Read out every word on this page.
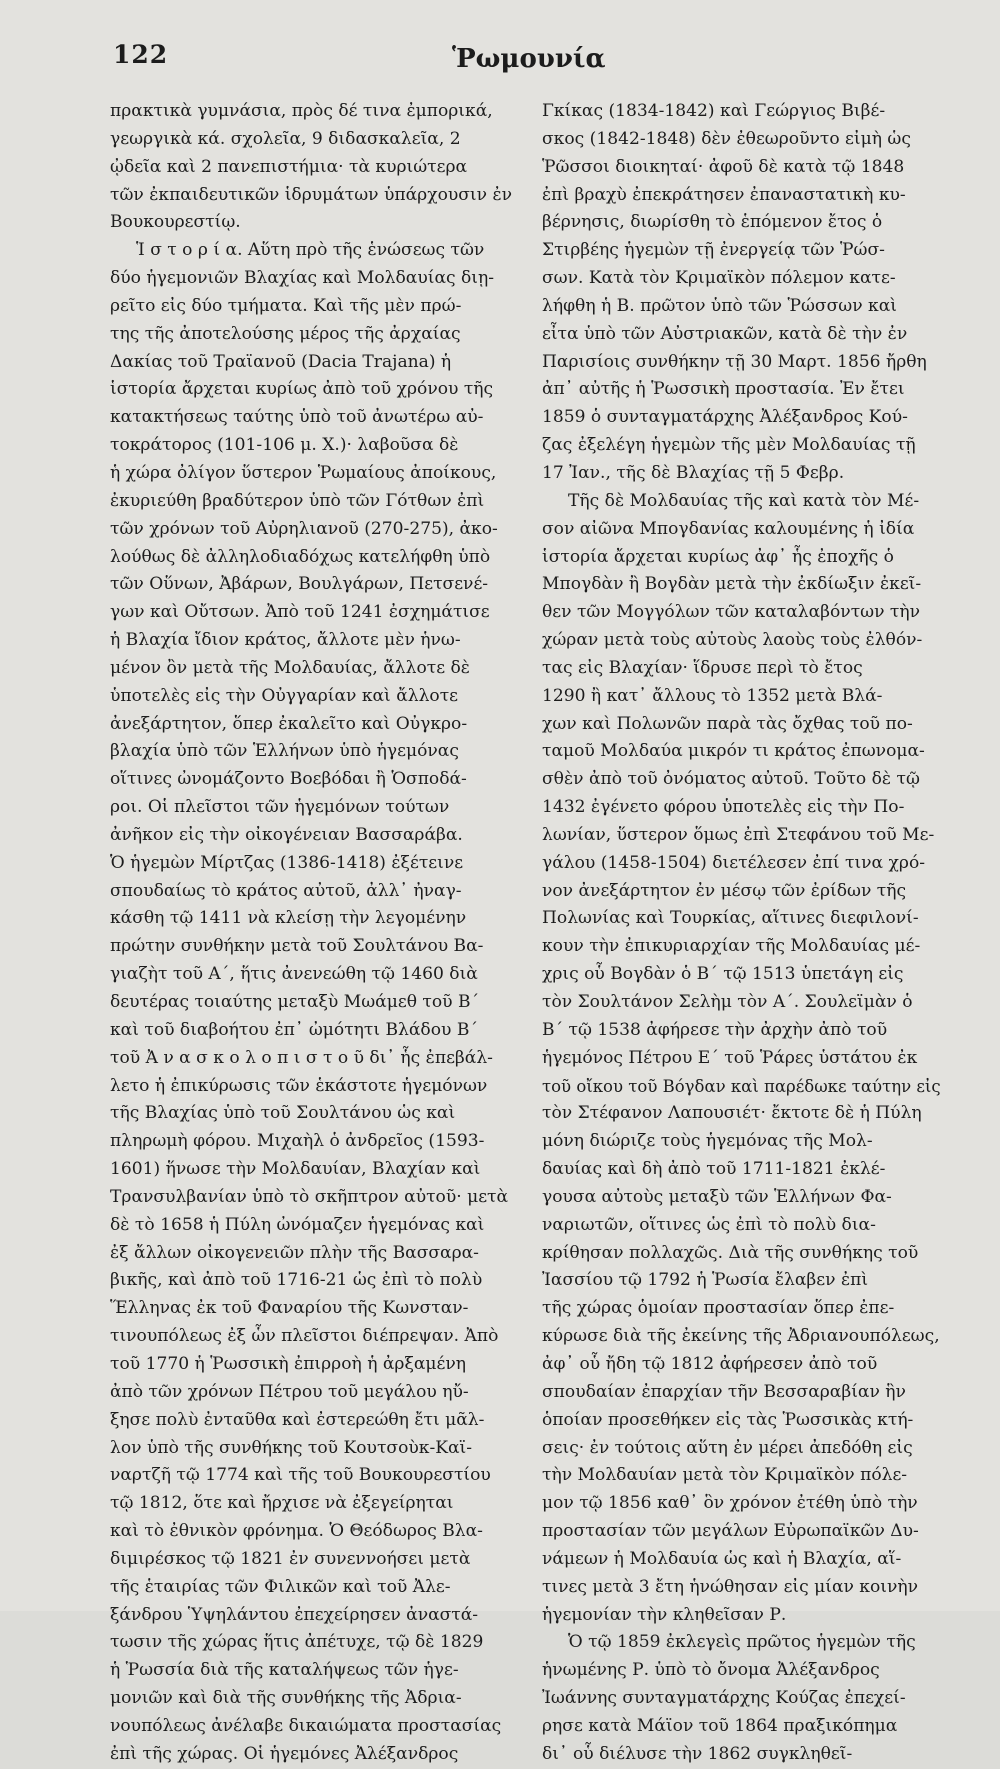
122	Ῥωμουνία
πρακτικὰ γυμνάσια, πρὸς δέ τινα ἐμπορικά,
γεωργικὰ κά. σχολεῖα, 9 διδασκαλεῖα, 2
ᾠδεῖα καὶ 2 πανεπιστήμια· τὰ κυριώτερα
τῶν ἐκπαιδευτικῶν ἱδρυμάτων ὑπάρχουσιν ἐν
Βουκουρεστίῳ.
Ἱ σ τ ο ρ ί α. Αὕτη πρὸ τῆς ἑνώσεως τῶν
δύο ἡγεμονιῶν Βλαχίας καὶ Μολδαυίας διῃ-
ρεῖτο εἰς δύο τμήματα. Καὶ τῆς μὲν πρώ-
της τῆς ἀποτελούσης μέρος τῆς ἀρχαίας
Δακίας τοῦ Τραϊανοῦ (Dacia Trajana) ἡ
ἱστορία ἄρχεται κυρίως ἀπὸ τοῦ χρόνου τῆς
κατακτήσεως ταύτης ὑπὸ τοῦ ἀνωτέρω αὐ-
τοκράτορος (101-106 μ. Χ.)· λαβοῦσα δὲ
ἡ χώρα ὀλίγον ὕστερον Ῥωμαίους ἀποίκους,
ἐκυριεύθη βραδύτερον ὑπὸ τῶν Γότθων ἐπὶ
τῶν χρόνων τοῦ Αὐρηλιανοῦ (270-275), ἀκο-
λούθως δὲ ἀλληλοδιαδόχως κατελήφθη ὑπὸ
τῶν Οὕνων, Ἀβάρων, Βουλγάρων, Πετσενέ-
γων καὶ Οὔτσων. Ἀπὸ τοῦ 1241 ἐσχημάτισε
ἡ Βλαχία ἴδιον κράτος, ἄλλοτε μὲν ἡνω-
μένον ὂν μετὰ τῆς Μολδαυίας, ἄλλοτε δὲ
ὑποτελὲς εἰς τὴν Οὐγγαρίαν καὶ ἄλλοτε
ἀνεξάρτητον, ὅπερ ἐκαλεῖτο καὶ Οὐγκρο-
βλαχία ὑπὸ τῶν Ἑλλήνων ὑπὸ ἡγεμόνας
οἵτινες ὠνομάζοντο Βοεβόδαι ἢ Ὁσποδά-
ροι. Οἱ πλεῖστοι τῶν ἡγεμόνων τούτων
ἀνῆκον εἰς τὴν οἰκογένειαν Βασσαράβα.
Ὁ ἡγεμὼν Μίρτζας (1386-1418) ἐξέτεινε
σπουδαίως τὸ κράτος αὐτοῦ, ἀλλ᾽ ἠναγ-
κάσθη τῷ 1411 νὰ κλείσῃ τὴν λεγομένην
πρώτην συνθήκην μετὰ τοῦ Σουλτάνου Βα-
γιαζὴτ τοῦ Α΄, ἥτις ἀνενεώθη τῷ 1460 διὰ
δευτέρας τοιαύτης μεταξὺ Μωάμεθ τοῦ Β΄
καὶ τοῦ διαβοήτου ἐπ᾽ ὠμότητι Βλάδου Β΄
τοῦ Ἀ ν α σ κ ο λ ο π ι σ τ ο ῦ δι᾽ ἧς ἐπεβάλ-
λετο ἡ ἐπικύρωσις τῶν ἑκάστοτε ἡγεμόνων
τῆς Βλαχίας ὑπὸ τοῦ Σουλτάνου ὡς καὶ
πληρωμὴ φόρου. Μιχαὴλ ὁ ἀνδρεῖος (1593-
1601) ἥνωσε τὴν Μολδαυίαν, Βλαχίαν καὶ
Τρανσυλβανίαν ὑπὸ τὸ σκῆπτρον αὐτοῦ· μετὰ
δὲ τὸ 1658 ἡ Πύλη ὠνόμαζεν ἡγεμόνας καὶ
ἐξ ἄλλων οἰκογενειῶν πλὴν τῆς Βασσαρα-
βικῆς, καὶ ἀπὸ τοῦ 1716-21 ὡς ἐπὶ τὸ πολὺ
Ἕλληνας ἐκ τοῦ Φαναρίου τῆς Κωνσταν-
τινουπόλεως ἐξ ὧν πλεῖστοι διέπρεψαν. Ἀπὸ
τοῦ 1770 ἡ Ῥωσσικὴ ἐπιρροὴ ἡ ἀρξαμένη
ἀπὸ τῶν χρόνων Πέτρου τοῦ μεγάλου ηὔ-
ξησε πολὺ ἐνταῦθα καὶ ἐστερεώθη ἔτι μᾶλ-
λον ὑπὸ τῆς συνθήκης τοῦ Κουτσοὺκ-Καϊ-
ναρτζῆ τῷ 1774 καὶ τῆς τοῦ Βουκουρεστίου
τῷ 1812, ὅτε καὶ ἤρχισε νὰ ἐξεγείρηται
καὶ τὸ ἐθνικὸν φρόνημα. Ὁ Θεόδωρος Βλα-
διμιρέσκος τῷ 1821 ἐν συνεννοήσει μετὰ
τῆς ἑταιρίας τῶν Φιλικῶν καὶ τοῦ Ἀλε-
ξάνδρου Ὑψηλάντου ἐπεχείρησεν ἀναστά-
τωσιν τῆς χώρας ἥτις ἀπέτυχε, τῷ δὲ 1829
ἡ Ῥωσσία διὰ τῆς καταλήψεως τῶν ἡγε-
μονιῶν καὶ διὰ τῆς συνθήκης τῆς Ἀδρια-
νουπόλεως ἀνέλαβε δικαιώματα προστασίας
ἐπὶ τῆς χώρας. Οἱ ἡγεμόνες Ἀλέξανδρος
Γκίκας (1834-1842) καὶ Γεώργιος Βιβέ-
σκος (1842-1848) δὲν ἐθεωροῦντο εἰμὴ ὡς
Ῥῶσσοι διοικηταί· ἀφοῦ δὲ κατὰ τῷ 1848
ἐπὶ βραχὺ ἐπεκράτησεν ἐπαναστατικὴ κυ-
βέρνησις, διωρίσθη τὸ ἑπόμενον ἔτος ὁ
Στιρβέης ἡγεμὼν τῇ ἐνεργείᾳ τῶν Ῥώσ-
σων. Κατὰ τὸν Κριμαϊκὸν πόλεμον κατε-
λήφθη ἡ Β. πρῶτον ὑπὸ τῶν Ῥώσσων καὶ
εἶτα ὑπὸ τῶν Αὐστριακῶν, κατὰ δὲ τὴν ἐν
Παρισίοις συνθήκην τῇ 30 Μαρτ. 1856 ἤρθη
ἀπ᾽ αὐτῆς ἡ Ῥωσσικὴ προστασία. Ἐν ἔτει
1859 ὁ συνταγματάρχης Ἀλέξανδρος Κού-
ζας ἐξελέγη ἡγεμὼν τῆς μὲν Μολδαυίας τῇ
17 Ἰαν., τῆς δὲ Βλαχίας τῇ 5 Φεβρ.
Τῆς δὲ Μολδαυίας τῆς καὶ κατὰ τὸν Μέ-
σον αἰῶνα Μπογδανίας καλουμένης ἡ ἰδία
ἱστορία ἄρχεται κυρίως ἀφ᾽ ἧς ἐποχῆς ὁ
Μπογδὰν ἢ Βογδὰν μετὰ τὴν ἐκδίωξιν ἐκεῖ-
θεν τῶν Μογγόλων τῶν καταλαβόντων τὴν
χώραν μετὰ τοὺς αὐτοὺς λαοὺς τοὺς ἐλθόν-
τας εἰς Βλαχίαν· ἵδρυσε περὶ τὸ ἔτος
1290 ἢ κατ᾽ ἄλλους τὸ 1352 μετὰ Βλά-
χων καὶ Πολωνῶν παρὰ τὰς ὄχθας τοῦ πο-
ταμοῦ Μολδαύα μικρόν τι κράτος ἐπωνομα-
σθὲν ἀπὸ τοῦ ὀνόματος αὐτοῦ. Τοῦτο δὲ τῷ
1432 ἐγένετο φόρου ὑποτελὲς εἰς τὴν Πο-
λωνίαν, ὕστερον ὅμως ἐπὶ Στεφάνου τοῦ Με-
γάλου (1458-1504) διετέλεσεν ἐπί τινα χρό-
νον ἀνεξάρτητον ἐν μέσῳ τῶν ἐρίδων τῆς
Πολωνίας καὶ Τουρκίας, αἵτινες διεφιλονί-
κουν τὴν ἐπικυριαρχίαν τῆς Μολδαυίας μέ-
χρις οὗ Βογδὰν ὁ Β΄ τῷ 1513 ὑπετάγη εἰς
τὸν Σουλτάνον Σελὴμ τὸν Α΄. Σουλεϊμὰν ὁ
Β΄ τῷ 1538 ἀφήρεσε τὴν ἀρχὴν ἀπὸ τοῦ
ἡγεμόνος Πέτρου Ε΄ τοῦ Ῥάρες ὑστάτου ἐκ
τοῦ οἴκου τοῦ Βόγδαν καὶ παρέδωκε ταύτην εἰς
τὸν Στέφανον Λαπουσιέτ· ἔκτοτε δὲ ἡ Πύλη
μόνη διώριζε τοὺς ἡγεμόνας τῆς Μολ-
δαυίας καὶ δὴ ἀπὸ τοῦ 1711-1821 ἐκλέ-
γουσα αὐτοὺς μεταξὺ τῶν Ἑλλήνων Φα-
ναριωτῶν, οἵτινες ὡς ἐπὶ τὸ πολὺ δια-
κρίθησαν πολλαχῶς. Διὰ τῆς συνθήκης τοῦ
Ἰασσίου τῷ 1792 ἡ Ῥωσία ἔλαβεν ἐπὶ
τῆς χώρας ὁμοίαν προστασίαν ὅπερ ἐπε-
κύρωσε διὰ τῆς ἐκείνης τῆς Ἀδριανουπόλεως,
ἀφ᾽ οὗ ἤδη τῷ 1812 ἀφήρεσεν ἀπὸ τοῦ
σπουδαίαν ἐπαρχίαν τῆν Βεσσαραβίαν ἣν
ὁποίαν προσεθήκεν εἰς τὰς Ῥωσσικὰς κτή-
σεις· ἐν τούτοις αὕτη ἐν μέρει ἀπεδόθη εἰς
τὴν Μολδαυίαν μετὰ τὸν Κριμαϊκὸν πόλε-
μον τῷ 1856 καθ᾽ ὃν χρόνον ἐτέθη ὑπὸ τὴν
προστασίαν τῶν μεγάλων Εὐρωπαϊκῶν Δυ-
νάμεων ἡ Μολδαυία ὡς καὶ ἡ Βλαχία, αἵ-
τινες μετὰ 3 ἔτη ἡνώθησαν εἰς μίαν κοινὴν
ἡγεμονίαν τὴν κληθεῖσαν Ρ.
Ὁ τῷ 1859 ἐκλεγεὶς πρῶτος ἡγεμὼν τῆς
ἡνωμένης Ρ. ὑπὸ τὸ ὄνομα Ἀλέξανδρος
Ἰωάννης συνταγματάρχης Κούζας ἐπεχεί-
ρησε κατὰ Μάϊον τοῦ 1864 πραξικόπημα
δι᾽ οὗ διέλυσε τὴν 1862 συγκληθεῖ-
